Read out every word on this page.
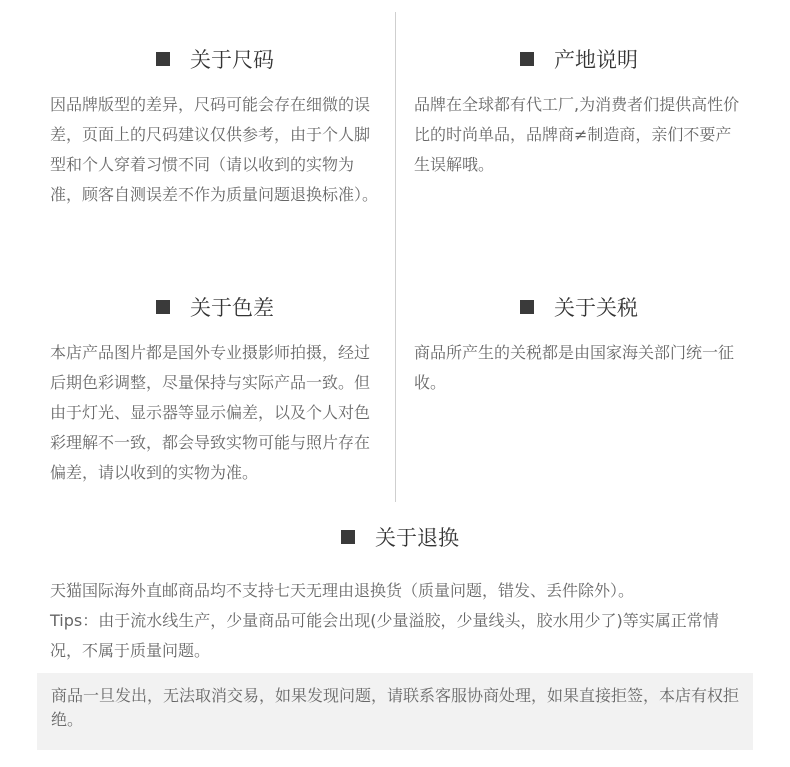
关于尺码

因品牌版型的差异，尺码可能会存在细微的误差，页面上的尺码建议仅供参考，由于个人脚型和个人穿着习惯不同（请以收到的实物为准，顾客自测误差不作为质量问题退换标准）。

产地说明

品牌在全球都有代工厂,为消费者们提供高性价比的时尚单品，品牌商≠制造商，亲们不要产生误解哦。

关于色差

本店产品图片都是国外专业摄影师拍摄，经过后期色彩调整，尽量保持与实际产品一致。但由于灯光、显示器等显示偏差，以及个人对色彩理解不一致，都会导致实物可能与照片存在偏差，请以收到的实物为准。

关于关税

商品所产生的关税都是由国家海关部门统一征收。

关于退换

天猫国际海外直邮商品均不支持七天无理由退换货（质量问题，错发、丢件除外）。

Tips：由于流水线生产，少量商品可能会出现(少量溢胶，少量线头，胶水用少了)等实属正常情况，不属于质量问题。

商品一旦发出，无法取消交易，如果发现问题，请联系客服协商处理，如果直接拒签，本店有权拒绝。
